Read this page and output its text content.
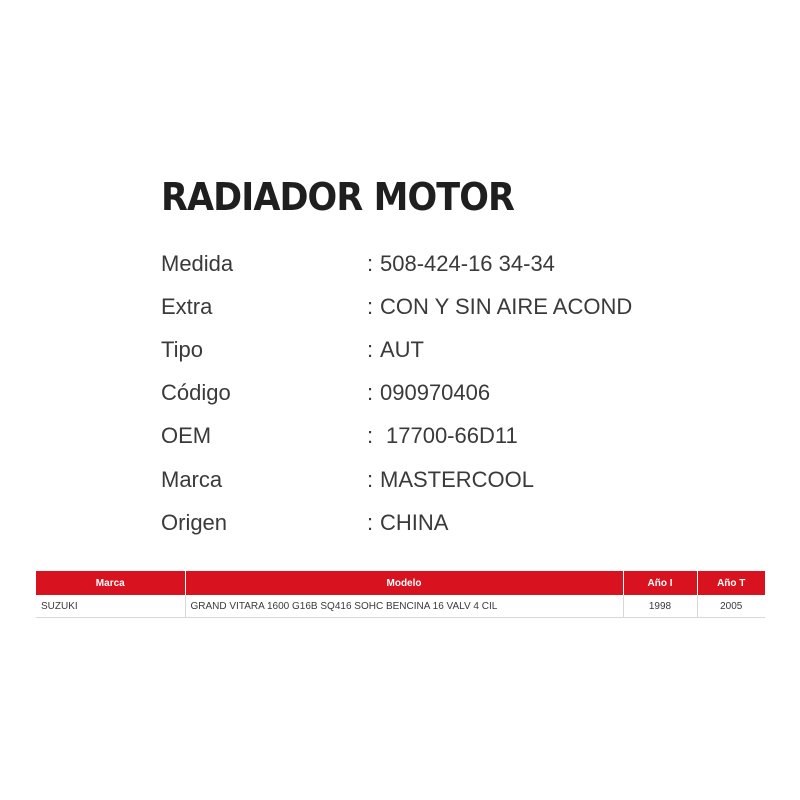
RADIADOR MOTOR
Medida	: 508-424-16 34-34
Extra	: CON Y SIN AIRE ACOND
Tipo	: AUT
Código	: 090970406
OEM	: 17700-66D11
Marca	: MASTERCOOL
Origen	: CHINA
Marca	Modelo	Año I	Año T
SUZUKI	GRAND VITARA 1600 G16B SQ416 SOHC BENCINA 16 VALV 4 CIL	1998	2005
